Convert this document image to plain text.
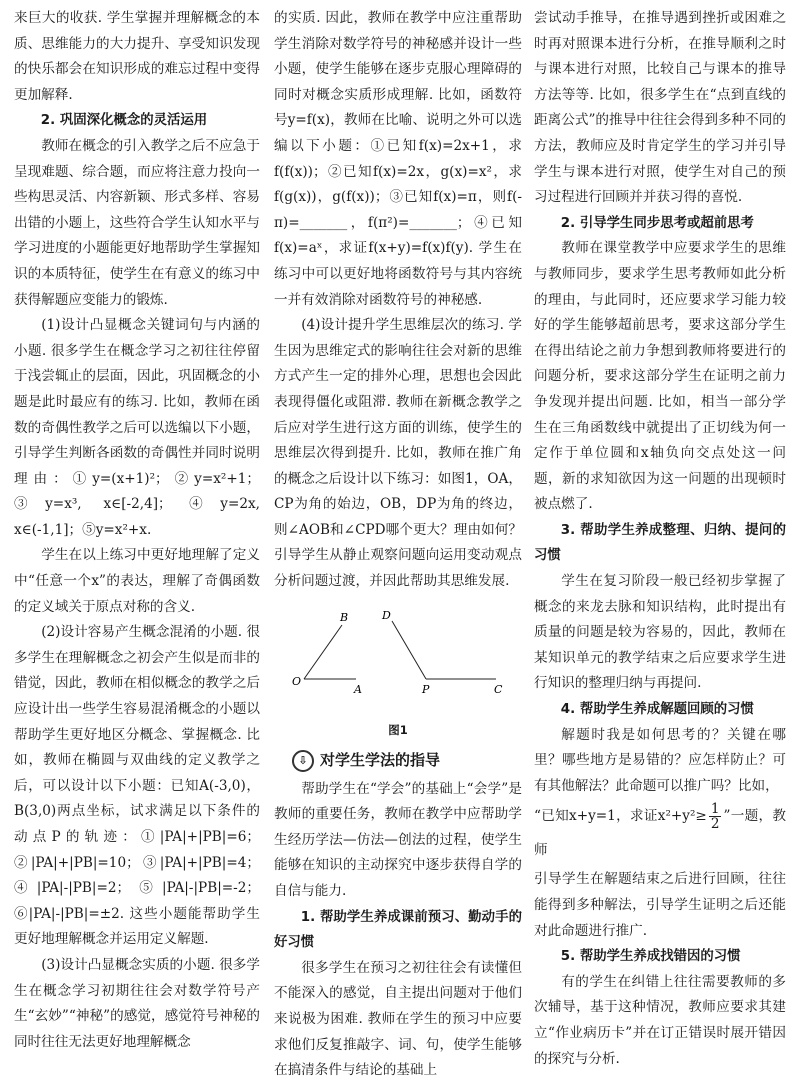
来巨大的收获. 学生掌握并理解概念的本质、思维能力的大力提升、享受知识发现的快乐都会在知识形成的难忘过程中变得更加解释.

2. 巩固深化概念的灵活运用

教师在概念的引入教学之后不应急于呈现难题、综合题，而应将注意力投向一些构思灵活、内容新颖、形式多样、容易出错的小题上，这些符合学生认知水平与学习进度的小题能更好地帮助学生掌握知识的本质特征，使学生在有意义的练习中获得解题应变能力的锻炼.

(1)设计凸显概念关键词句与内涵的小题. 很多学生在概念学习之初往往停留于浅尝辄止的层面，因此，巩固概念的小题是此时最应有的练习. 比如，教师在函数的奇偶性教学之后可以选编以下小题，引导学生判断各函数的奇偶性并同时说明理由：①y=(x+1)²；②y=x²+1；③y=x³, x∈[-2,4]；④y=2x, x∈(-1,1]；⑤y=x²+x.

学生在以上练习中更好地理解了定义中“任意一个x”的表达，理解了奇偶函数的定义域关于原点对称的含义.

(2)设计容易产生概念混淆的小题. 很多学生在理解概念之初会产生似是而非的错觉，因此，教师在相似概念的教学之后应设计出一些学生容易混淆概念的小题以帮助学生更好地区分概念、掌握概念. 比如，教师在椭圆与双曲线的定义教学之后，可以设计以下小题：已知A(-3,0)，B(3,0)两点坐标，试求满足以下条件的动点P的轨迹：①|PA|+|PB|=6；②|PA|+|PB|=10；③|PA|+|PB|=4；④|PA|-|PB|=2；⑤|PA|-|PB|=-2；⑥|PA|-|PB|=±2. 这些小题能帮助学生更好地理解概念并运用定义解题.

(3)设计凸显概念实质的小题. 很多学生在概念学习初期往往会对数学符号产生“玄妙”“神秘”的感觉，感觉符号神秘的同时往往无法更好地理解概念

的实质. 因此，教师在教学中应注重帮助学生消除对数学符号的神秘感并设计一些小题，使学生能够在逐步克服心理障碍的同时对概念实质形成理解. 比如，函数符号y=f(x)，教师在比喻、说明之外可以选编以下小题：①已知f(x)=2x+1，求f(f(x))；②已知f(x)=2x，g(x)=x²，求f(g(x))，g(f(x))；③已知f(x)=π，则f(-π)=_______，f(π²)=_______；④已知f(x)=aˣ，求证f(x+y)=f(x)f(y). 学生在练习中可以更好地将函数符号与其内容统一并有效消除对函数符号的神秘感.

(4)设计提升学生思维层次的练习. 学生因为思维定式的影响往往会对新的思维方式产生一定的排外心理，思想也会因此表现得僵化或阻滞. 教师在新概念教学之后应对学生进行这方面的训练，使学生的思维层次得到提升. 比如，教师在推广角的概念之后设计以下练习：如图1，OA，CP为角的始边，OB，DP为角的终边，则∠AOB和∠CPD哪个更大？理由如何？引导学生从静止观察问题向运用变动观点分析问题过渡，并因此帮助其思维发展.

B	D
O
A	P	C

图1

⇩ 对学生学法的指导

帮助学生在“学会”的基础上“会学”是教师的重要任务，教师在教学中应帮助学生经历学法—仿法—创法的过程，使学生能够在知识的主动探究中逐步获得自学的自信与能力.

1. 帮助学生养成课前预习、勤动手的好习惯

很多学生在预习之初往往会有读懂但不能深入的感觉，自主提出问题对于他们来说极为困难. 教师在学生的预习中应要求他们反复推敲字、词、句，使学生能够在搞清条件与结论的基础上

尝试动手推导，在推导遇到挫折或困难之时再对照课本进行分析，在推导顺利之时与课本进行对照，比较自己与课本的推导方法等等. 比如，很多学生在“点到直线的距离公式”的推导中往往会得到多种不同的方法，教师应及时肯定学生的学习并引导学生与课本进行对照，使学生对自己的预习过程进行回顾并并获习得的喜悦.

2. 引导学生同步思考或超前思考

教师在课堂教学中应要求学生的思维与教师同步，要求学生思考教师如此分析的理由，与此同时，还应要求学习能力较好的学生能够超前思考，要求这部分学生在得出结论之前力争想到教师将要进行的问题分析，要求这部分学生在证明之前力争发现并提出问题. 比如，相当一部分学生在三角函数线中就提出了正切线为何一定作于单位圆和x轴负向交点处这一问题，新的求知欲因为这一问题的出现顿时被点燃了.

3. 帮助学生养成整理、归纳、提问的习惯

学生在复习阶段一般已经初步掌握了概念的来龙去脉和知识结构，此时提出有质量的问题是较为容易的，因此，教师在某知识单元的教学结束之后应要求学生进行知识的整理归纳与再提问.

4. 帮助学生养成解题回顾的习惯

解题时我是如何思考的？关键在哪里？哪些地方是易错的？应怎样防止？可有其他解法？此命题可以推广吗？比如，

“已知x+y=1，求证$x^2+y^2\ge \frac{1}{2}$ ”一题，教师

引导学生在解题结束之后进行回顾，往往能得到多种解法，引导学生证明之后还能对此命题进行推广.

5. 帮助学生养成找错因的习惯

有的学生在纠错上往往需要教师的多次辅导，基于这种情况，教师应要求其建立“作业病历卡”并在订正错误时展开错因的探究与分析.
